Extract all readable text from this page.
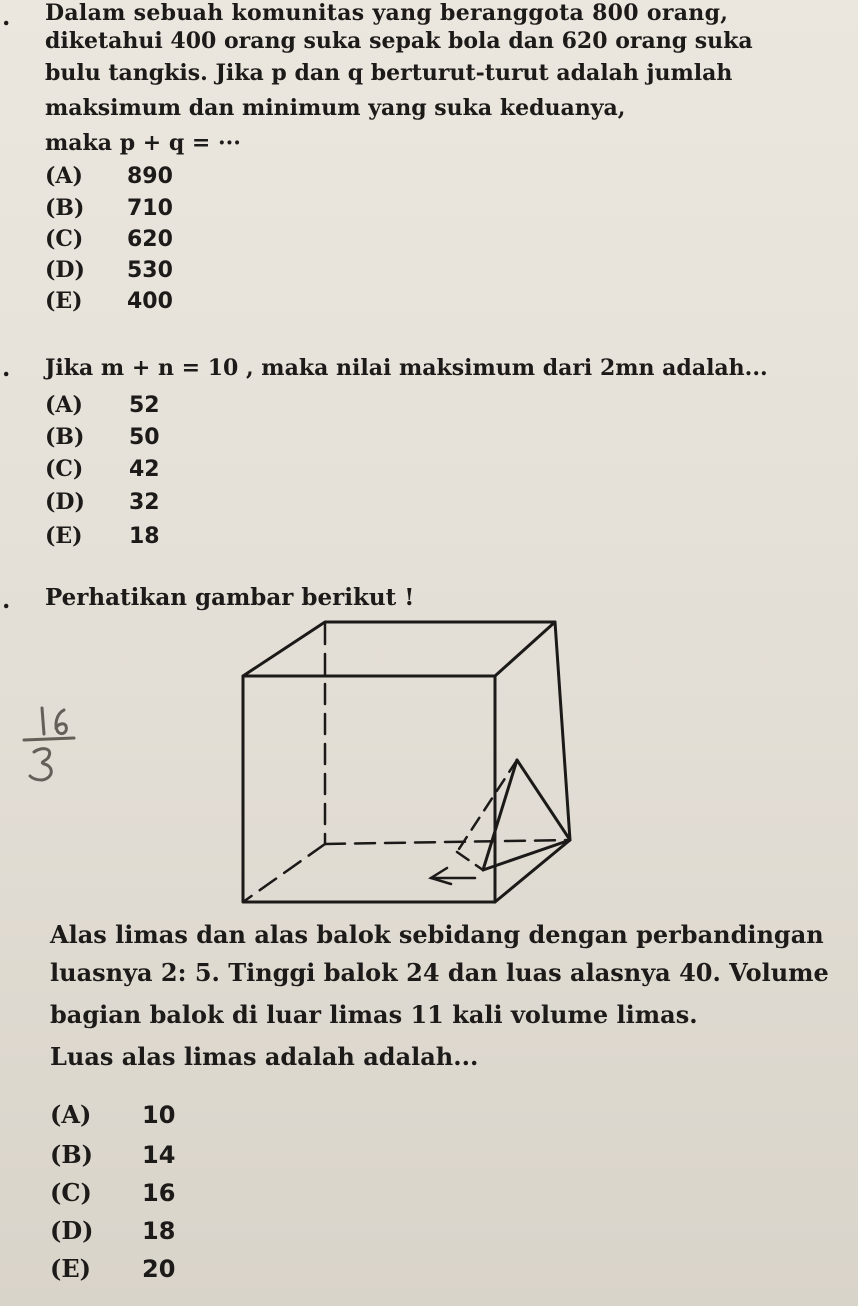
. Dalam sebuah komunitas yang beranggota 800 orang,
diketahui 400 orang suka sepak bola dan 620 orang suka
bulu tangkis. Jika p dan q berturut-turut adalah jumlah
maksimum dan minimum yang suka keduanya,
maka p + q = ···
(A) 890
(B) 710
(C) 620
(D) 530
(E) 400
. Jika m + n = 10 , maka nilai maksimum dari 2mn adalah...
(A) 52
(B) 50
(C) 42
(D) 32
(E) 18
. Perhatikan gambar berikut !
Alas limas dan alas balok sebidang dengan perbandingan
luasnya 2: 5. Tinggi balok 24 dan luas alasnya 40. Volume
bagian balok di luar limas 11 kali volume limas.
Luas alas limas adalah adalah...
(A) 10
(B) 14
(C) 16
(D) 18
(E) 20
